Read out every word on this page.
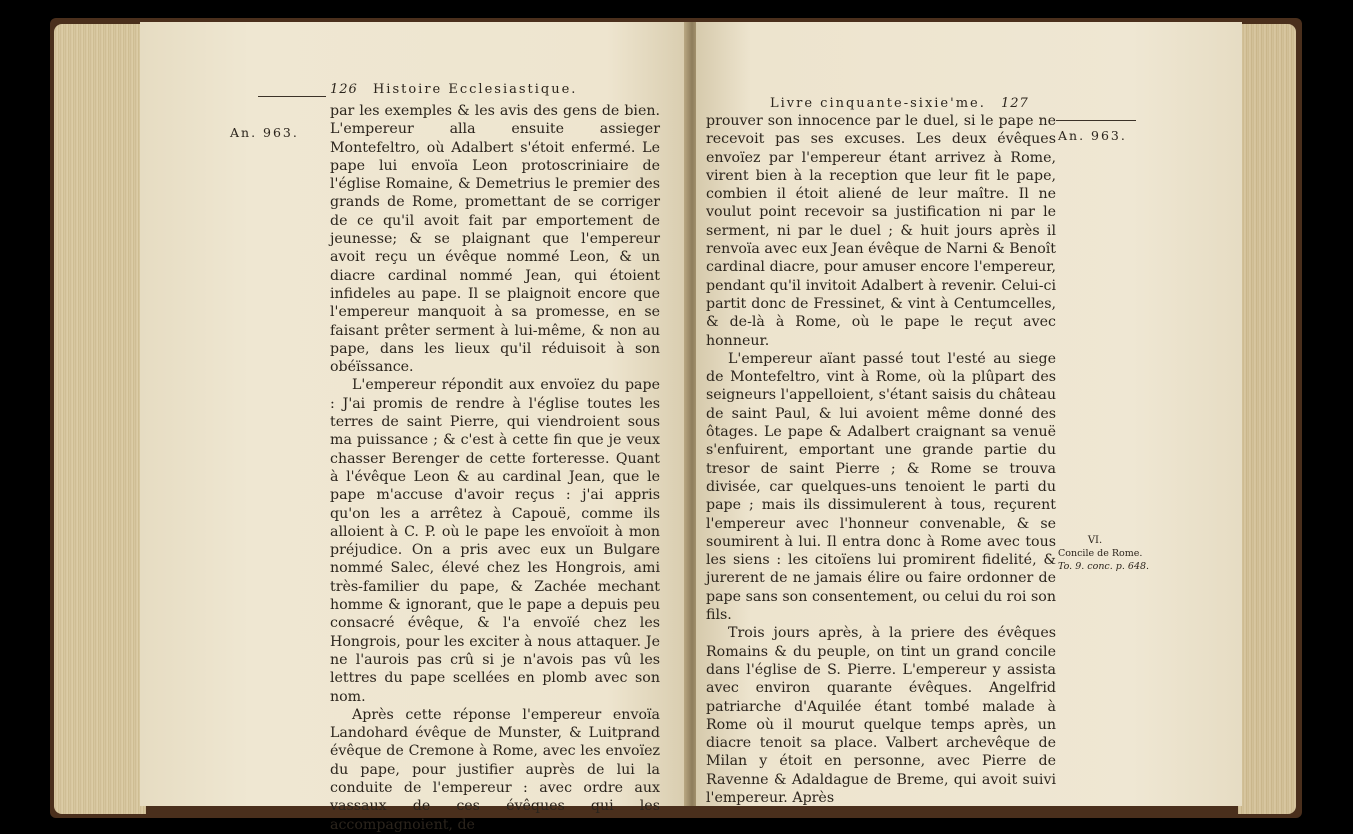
126 Histoire Ecclesiastique.
An. 963.

par les exemples & les avis des gens de bien. L'empereur alla ensuite assieger Montefeltro, où Adalbert s'étoit enfermé. Le pape lui envoïa Leon protoscriniaire de l'église Romaine, & Demetrius le premier des grands de Rome, promettant de se corriger de ce qu'il avoit fait par emportement de jeunesse; & se plaignant que l'empereur avoit reçu un évêque nommé Leon, & un diacre cardinal nommé Jean, qui étoient infideles au pape. Il se plaignoit encore que l'empereur manquoit à sa promesse, en se faisant prêter serment à lui-même, & non au pape, dans les lieux qu'il réduisoit à son obéïssance.

L'empereur répondit aux envoïez du pape : J'ai promis de rendre à l'église toutes les terres de saint Pierre, qui viendroient sous ma puissance ; & c'est à cette fin que je veux chasser Berenger de cette forteresse. Quant à l'évêque Leon & au cardinal Jean, que le pape m'accuse d'avoir reçus : j'ai appris qu'on les a arrêtez à Capouë, comme ils alloient à C. P. où le pape les envoïoit à mon préjudice. On a pris avec eux un Bulgare nommé Salec, élevé chez les Hongrois, ami très-familier du pape, & Zachée mechant homme & ignorant, que le pape a depuis peu consacré évêque, & l'a envoïé chez les Hongrois, pour les exciter à nous attaquer. Je ne l'aurois pas crû si je n'avois pas vû les lettres du pape scellées en plomb avec son nom.

Après cette réponse l'empereur envoïa Landohard évêque de Munster, & Luitprand évêque de Cremone à Rome, avec les envoïez du pape, pour justifier auprès de lui la conduite de l'empereur : avec ordre aux vassaux de ces évêques qui les accompagnoient, de

Livre cinquante-sixie'me. 127
An. 963.

prouver son innocence par le duel, si le pape ne recevoit pas ses excuses. Les deux évêques envoïez par l'empereur étant arrivez à Rome, virent bien à la reception que leur fit le pape, combien il étoit aliené de leur maître. Il ne voulut point recevoir sa justification ni par le serment, ni par le duel ; & huit jours après il renvoïa avec eux Jean évêque de Narni & Benoît cardinal diacre, pour amuser encore l'empereur, pendant qu'il invitoit Adalbert à revenir. Celui-ci partit donc de Fressinet, & vint à Centumcelles, & de-là à Rome, où le pape le reçut avec honneur.

L'empereur aïant passé tout l'esté au siege de Montefeltro, vint à Rome, où la plûpart des seigneurs l'appelloient, s'étant saisis du château de saint Paul, & lui avoient même donné des ôtages. Le pape & Adalbert craignant sa venuë s'enfuirent, emportant une grande partie du tresor de saint Pierre ; & Rome se trouva divisée, car quelques-uns tenoient le parti du pape ; mais ils dissimulerent à tous, reçurent l'empereur avec l'honneur convenable, & se soumirent à lui. Il entra donc à Rome avec tous les siens : les citoïens lui promirent fidelité, & jurerent de ne jamais élire ou faire ordonner de pape sans son consentement, ou celui du roi son fils.

Trois jours après, à la priere des évêques Romains & du peuple, on tint un grand concile dans l'église de S. Pierre. L'empereur y assista avec environ quarante évêques. Angelfrid patriarche d'Aquilée étant tombé malade à Rome où il mourut quelque temps après, un diacre tenoit sa place. Valbert archevêque de Milan y étoit en personne, avec Pierre de Ravenne & Adaldague de Breme, qui avoit suivi l'empereur. Après

VI.
Concile de Rome.
To. 9. conc. p. 648.
